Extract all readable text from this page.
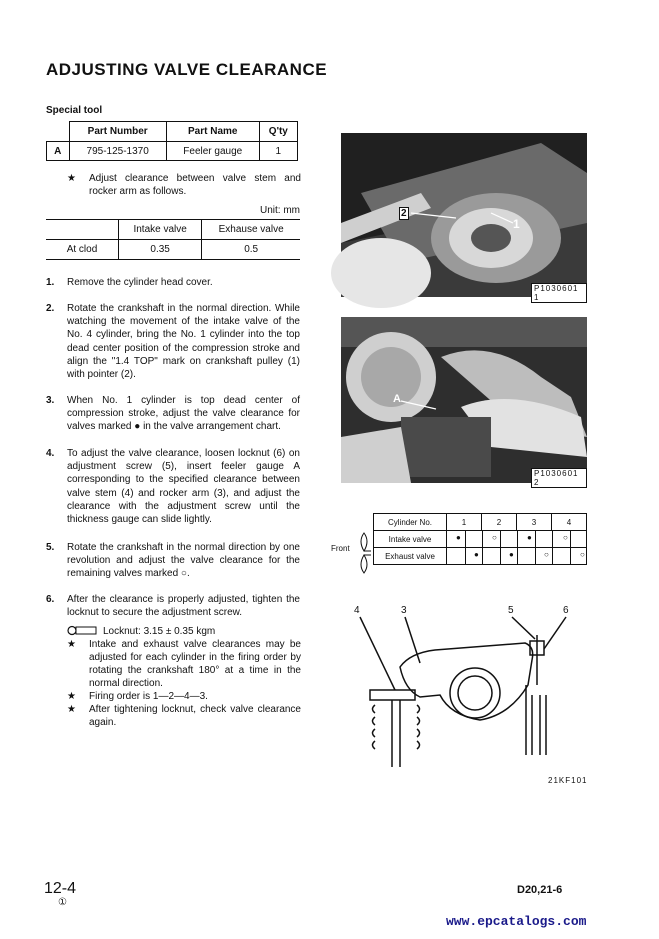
ADJUSTING VALVE CLEARANCE
Special tool
	Part Number	Part Name	Q'ty
A	795-125-1370	Feeler gauge	1
★ Adjust clearance between valve stem and rocker arm as follows.
Unit: mm
	Intake valve	Exhause valve
At clod	0.35	0.5
1. Remove the cylinder head cover.
2. Rotate the crankshaft in the normal direction. While watching the movement of the intake valve of the No. 4 cylinder, bring the No. 1 cylinder into the top dead center position of the compression stroke and align the "1.4 TOP" mark on crankshaft pulley (1) with pointer (2).
3. When No. 1 cylinder is top dead center of compression stroke, adjust the valve clearance for valves marked ● in the valve arrangement chart.
4. To adjust the valve clearance, loosen locknut (6) on adjustment screw (5), insert feeler gauge A corresponding to the specified clearance between valve stem (4) and rocker arm (3), and adjust the clearance with the adjustment screw until the thickness gauge can slide lightly.
5. Rotate the crankshaft in the normal direction by one revolution and adjust the valve clearance for the remaining valves marked ○.
6. After the clearance is properly adjusted, tighten the locknut to secure the adjustment screw.
Locknut: 3.15 ± 0.35 kgm
★ Intake and exhaust valve clearances may be adjusted for each cylinder in the firing order by rotating the crankshaft 180° at a time in the normal direction.
★ Firing order is 1—2—4—3.
★ After tightening locknut, check valve clearance again.
2
1
P1030601 1
A
P1030601 2
Front
Cylinder No.	1	2	3	4
Intake valve	● ○ ● ○			

Exhaust valve	● ● ○ ○			
4	3	5	6
21KF101
12-4
①
D20,21-6
www.epcatalogs.com
